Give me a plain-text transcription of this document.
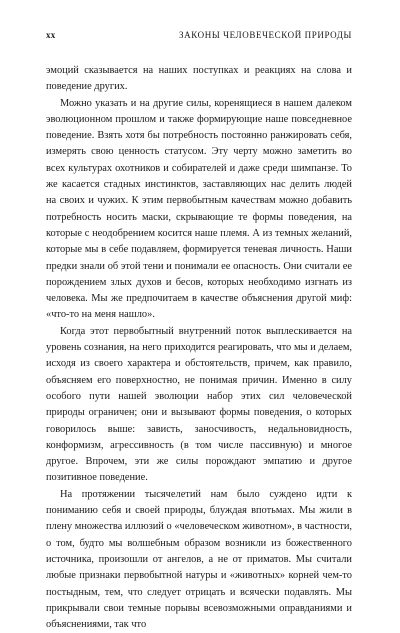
xx	ЗАКОНЫ ЧЕЛОВЕЧЕСКОЙ ПРИРОДЫ

эмоций сказывается на наших поступках и реакциях на слова и поведение других.

Можно указать и на другие силы, коренящиеся в нашем далеком эволюционном прошлом и также формирующие наше повседневное поведение. Взять хотя бы потребность постоянно ранжировать себя, измерять свою ценность статусом. Эту черту можно заметить во всех культурах охотников и собирателей и даже среди шимпанзе. То же касается стадных инстинктов, заставляющих нас делить людей на своих и чужих. К этим первобытным качествам можно добавить потребность носить маски, скрывающие те формы поведения, на которые с неодобрением косится наше племя. А из темных желаний, которые мы в себе подавляем, формируется теневая личность. Наши предки знали об этой тени и понимали ее опасность. Они считали ее порождением злых духов и бесов, которых необходимо изгнать из человека. Мы же предпочитаем в качестве объяснения другой миф: «что-то на меня нашло».

Когда этот первобытный внутренний поток выплескивается на уровень сознания, на него приходится реагировать, что мы и делаем, исходя из своего характера и обстоятельств, причем, как правило, объясняем его поверхностно, не понимая причин. Именно в силу особого пути нашей эволюции набор этих сил человеческой природы ограничен; они и вызывают формы поведения, о которых говорилось выше: зависть, заносчивость, недальновидность, конформизм, агрессивность (в том числе пассивную) и многое другое. Впрочем, эти же силы порождают эмпатию и другое позитивное поведение.

На протяжении тысячелетий нам было суждено идти к пониманию себя и своей природы, блуждая впотьмах. Мы жили в плену множества иллюзий о «человеческом животном», в частности, о том, будто мы волшебным образом возникли из божественного источника, произошли от ангелов, а не от приматов. Мы считали любые признаки первобытной натуры и «животных» корней чем-то постыдным, тем, что следует отрицать и всячески подавлять. Мы прикрывали свои темные порывы всевозможными оправданиями и объяснениями, так что
